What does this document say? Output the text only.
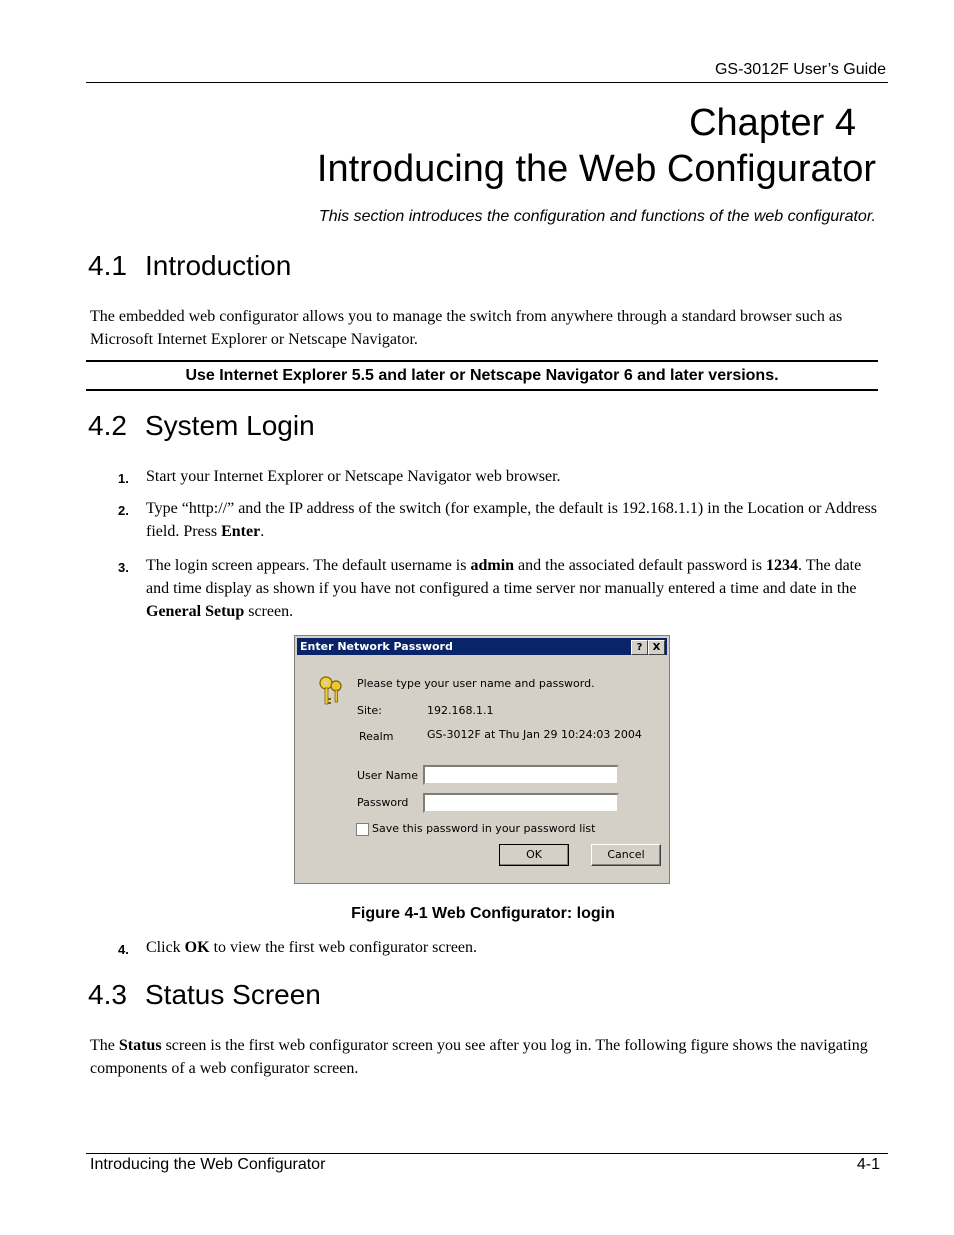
GS-3012F User’s Guide
Chapter 4
Introducing the Web Configurator
This section introduces the configuration and functions of the web configurator.
4.1 Introduction
The embedded web configurator allows you to manage the switch from anywhere through a standard browser such as Microsoft Internet Explorer or Netscape Navigator.
Use Internet Explorer 5.5 and later or Netscape Navigator 6 and later versions.
4.2 System Login
1. Start your Internet Explorer or Netscape Navigator web browser.
2. Type “http://” and the IP address of the switch (for example, the default is 192.168.1.1) in the Location or Address field. Press Enter.
3. The login screen appears. The default username is admin and the associated default password is 1234. The date and time display as shown if you have not configured a time server nor manually entered a time and date in the General Setup screen.
Enter Network Password	?	X
Please type your user name and password.
Site:	192.168.1.1
Realm	GS-3012F at Thu Jan 29 10:24:03 2004
User Name
Password
Save this password in your password list
OK	Cancel
Figure 4-1 Web Configurator: login
4. Click OK to view the first web configurator screen.
4.3 Status Screen
The Status screen is the first web configurator screen you see after you log in. The following figure shows the navigating components of a web configurator screen.
Introducing the Web Configurator	4-1
